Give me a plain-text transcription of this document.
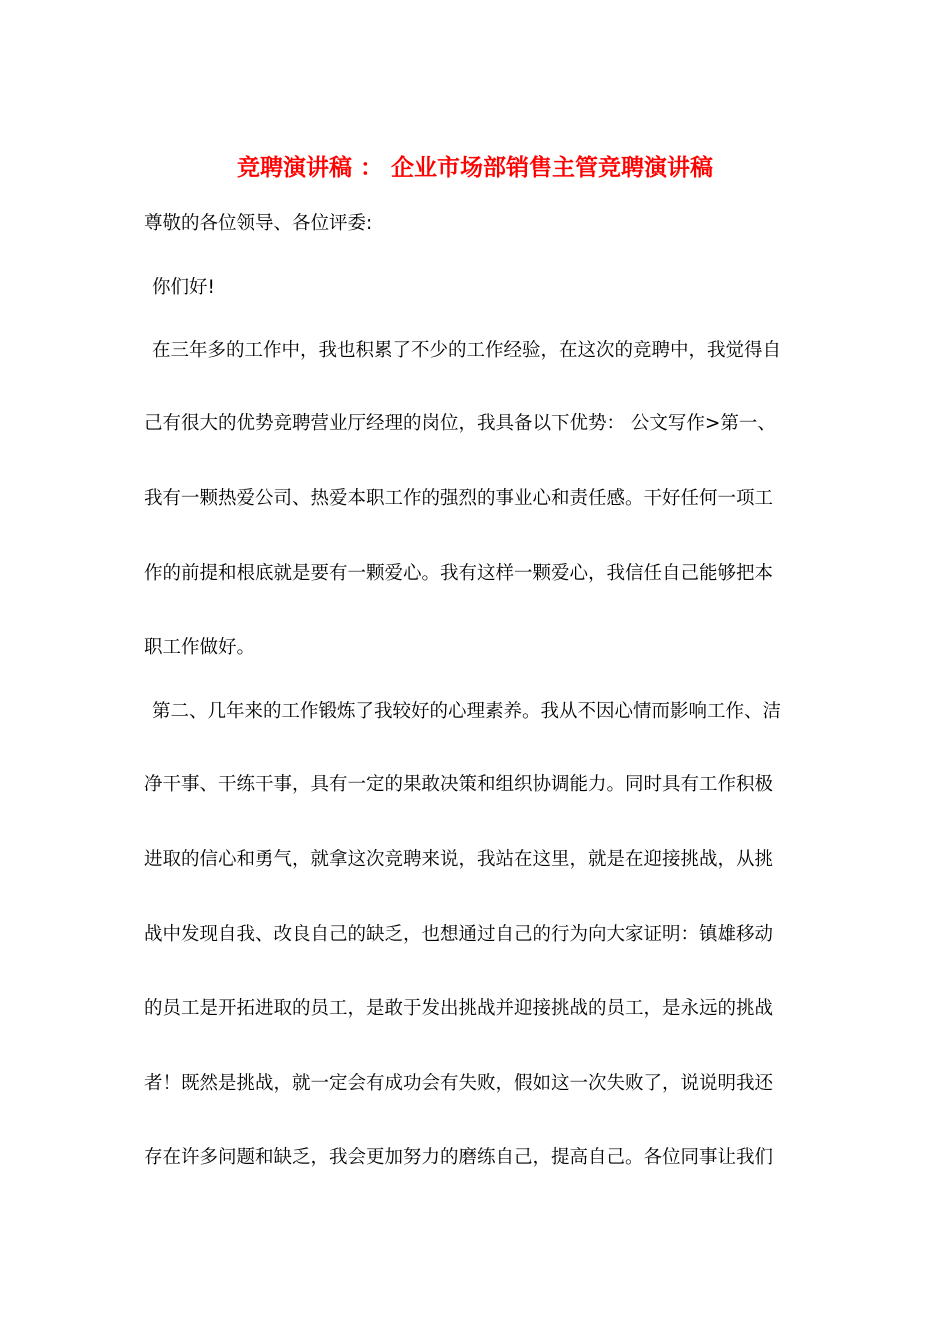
竞聘演讲稿 ： 企业市场部销售主管竞聘演讲稿
尊敬的各位领导、各位评委:
你们好!
在三年多的工作中，我也积累了不少的工作经验，在这次的竞聘中，我觉得自
己有很大的优势竞聘营业厅经理的岗位，我具备以下优势： 公文写作>第一、
我有一颗热爱公司、热爱本职工作的强烈的事业心和责任感。干好任何一项工
作的前提和根底就是要有一颗爱心。我有这样一颗爱心，我信任自己能够把本
职工作做好。
第二、几年来的工作锻炼了我较好的心理素养。我从不因心情而影响工作、洁
净干事、干练干事，具有一定的果敢决策和组织协调能力。同时具有工作积极
进取的信心和勇气，就拿这次竞聘来说，我站在这里，就是在迎接挑战，从挑
战中发现自我、改良自己的缺乏，也想通过自己的行为向大家证明：镇雄移动
的员工是开拓进取的员工，是敢于发出挑战并迎接挑战的员工，是永远的挑战
者！既然是挑战，就一定会有成功会有失败，假如这一次失败了，说说明我还
存在许多问题和缺乏，我会更加努力的磨练自己，提高自己。各位同事让我们
